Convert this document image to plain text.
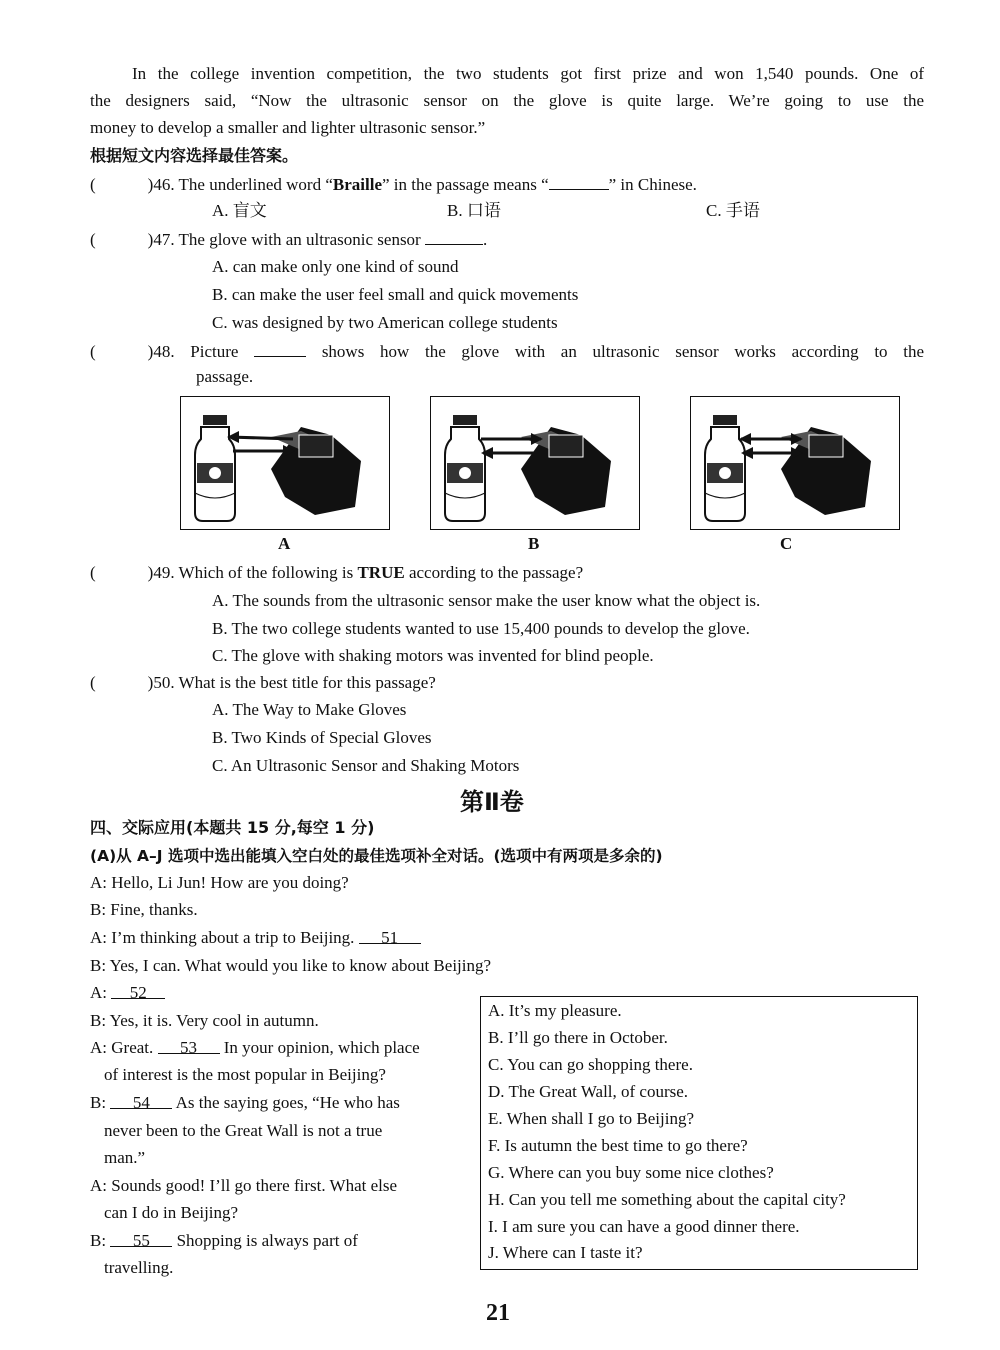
In the college invention competition, the two students got first prize and won 1,540 pounds. One of
the designers said, “Now the ultrasonic sensor on the glove is quite large. We’re going to use the
money to develop a smaller and lighter ultrasonic sensor.”
根据短文内容选择最佳答案。
(	)46. The underlined word “Braille” in the passage means “	” in Chinese.
A. 盲文	B. 口语	C. 手语
(	)47. The glove with an ultrasonic sensor	.
A. can make only one kind of sound
B. can make the user feel small and quick movements
C. was designed by two American college students
(	)48. Picture	shows how the glove with an ultrasonic sensor works according to the
passage.
A	B	C
(	)49. Which of the following is TRUE according to the passage?
A. The sounds from the ultrasonic sensor make the user know what the object is.
B. The two college students wanted to use 15,400 pounds to develop the glove.
C. The glove with shaking motors was invented for blind people.
(	)50. What is the best title for this passage?
A. The Way to Make Gloves
B. Two Kinds of Special Gloves
C. An Ultrasonic Sensor and Shaking Motors
第Ⅱ卷
四、交际应用(本题共 15 分,每空 1 分)
(A)从 A–J 选项中选出能填入空白处的最佳选项补全对话。(选项中有两项是多余的)
A: Hello, Li Jun! How are you doing?
B: Fine, thanks.
A: I’m thinking about a trip to Beijing. 51
B: Yes, I can. What would you like to know about Beijing?
A: 52
B: Yes, it is. Very cool in autumn.
A: Great. 53 In your opinion, which place
of interest is the most popular in Beijing?
B: 54 As the saying goes, “He who has
never been to the Great Wall is not a true
man.”
A: Sounds good! I’ll go there first. What else
can I do in Beijing?
B: 55 Shopping is always part of
travelling.
A. It’s my pleasure.
B. I’ll go there in October.
C. You can go shopping there.
D. The Great Wall, of course.
E. When shall I go to Beijing?
F. Is autumn the best time to go there?
G. Where can you buy some nice clothes?
H. Can you tell me something about the capital city?
I. I am sure you can have a good dinner there.
J. Where can I taste it?
21
